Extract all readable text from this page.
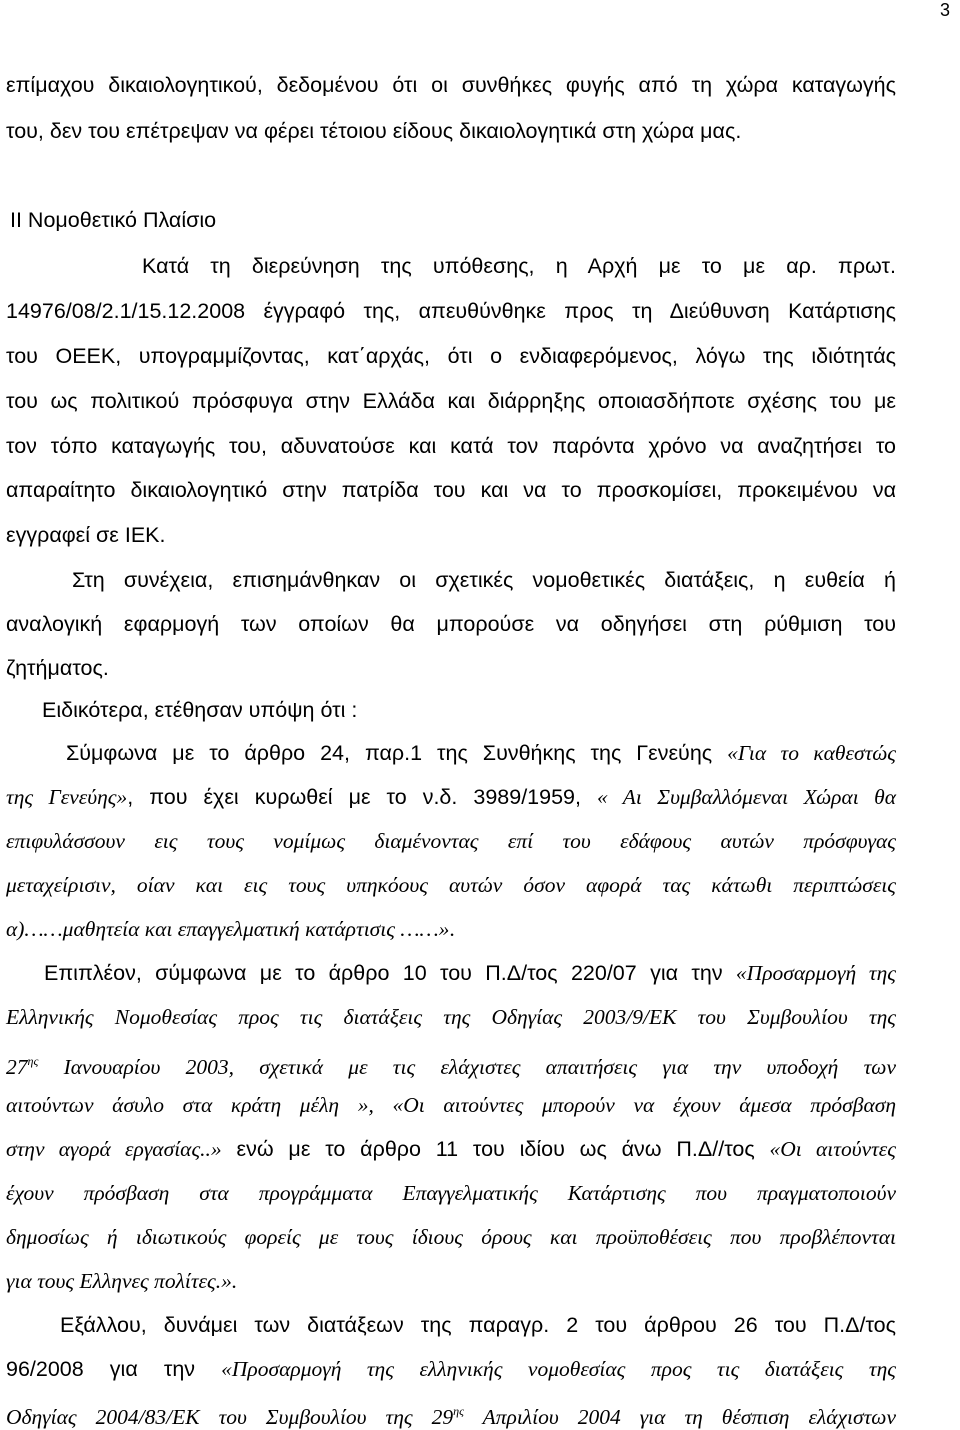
3
επίμαχου δικαιολογητικού, δεδομένου ότι οι συνθήκες φυγής από τη χώρα καταγωγής
του, δεν του επέτρεψαν να φέρει τέτοιου είδους δικαιολογητικά στη χώρα μας.
ΙΙ Νομοθετικό Πλαίσιο
Κατά τη διερεύνηση της υπόθεσης, η Αρχή με το με αρ. πρωτ.
14976/08/2.1/15.12.2008 έγγραφό της, απευθύνθηκε προς τη Διεύθυνση Κατάρτισης
του ΟΕΕΚ, υπογραμμίζοντας, κατ΄αρχάς, ότι ο ενδιαφερόμενος, λόγω της ιδιότητάς
του ως πολιτικού πρόσφυγα στην Ελλάδα και διάρρηξης οποιασδήποτε σχέσης του με
τον τόπο καταγωγής του, αδυνατούσε και κατά τον παρόντα χρόνο να αναζητήσει το
απαραίτητο δικαιολογητικό στην πατρίδα του και να το προσκομίσει, προκειμένου να
εγγραφεί σε ΙΕΚ.
Στη συνέχεια, επισημάνθηκαν οι σχετικές νομοθετικές διατάξεις, η ευθεία ή
αναλογική εφαρμογή των οποίων θα μπορούσε να οδηγήσει στη ρύθμιση του
ζητήματος.
Ειδικότερα, ετέθησαν υπόψη ότι :
Σύμφωνα με το άρθρο 24, παρ.1 της Συνθήκης της Γενεύης «Για το καθεστώς
της Γενεύης», που έχει κυρωθεί με το ν.δ. 3989/1959, « Αι Συμβαλλόμεναι Χώραι θα
επιφυλάσσουν εις τους νομίμως διαμένοντας επί του εδάφους αυτών πρόσφυγας
μεταχείρισιν, οίαν και εις τους υπηκόους αυτών όσον αφορά τας κάτωθι περιπτώσεις
α)……μαθητεία και επαγγελματική κατάρτισις ……».
Επιπλέον, σύμφωνα με το άρθρο 10 του Π.Δ/τος 220/07 για την «Προσαρμογή της
Ελληνικής Νομοθεσίας προς τις διατάξεις της Οδηγίας 2003/9/ΕΚ του Συμβουλίου της
$27^{\eta\varsigma}$ Ιανουαρίου 2003, σχετικά με τις ελάχιστες απαιτήσεις για την υποδοχή των
αιτούντων άσυλο στα κράτη μέλη », «Οι αιτούντες μπορούν να έχουν άμεσα πρόσβαση
στην αγορά εργασίας..» ενώ με το άρθρο 11 του ιδίου ως άνω Π.Δ//τος «Οι αιτούντες
έχουν πρόσβαση στα προγράμματα Επαγγελματικής Κατάρτισης που πραγματοποιούν
δημοσίως ή ιδιωτικούς φορείς με τους ίδιους όρους και προϋποθέσεις που προβλέπονται
για τους Ελληνες πολίτες.».
Εξάλλου, δυνάμει των διατάξεων της παραγρ. 2 του άρθρου 26 του Π.Δ/τος
96/2008 για την «Προσαρμογή της ελληνικής νομοθεσίας προς τις διατάξεις της
Οδηγίας 2004/83/ΕΚ του Συμβουλίου της $29^{\eta\varsigma}$ Απριλίου 2004 για τη θέσπιση ελάχιστων
